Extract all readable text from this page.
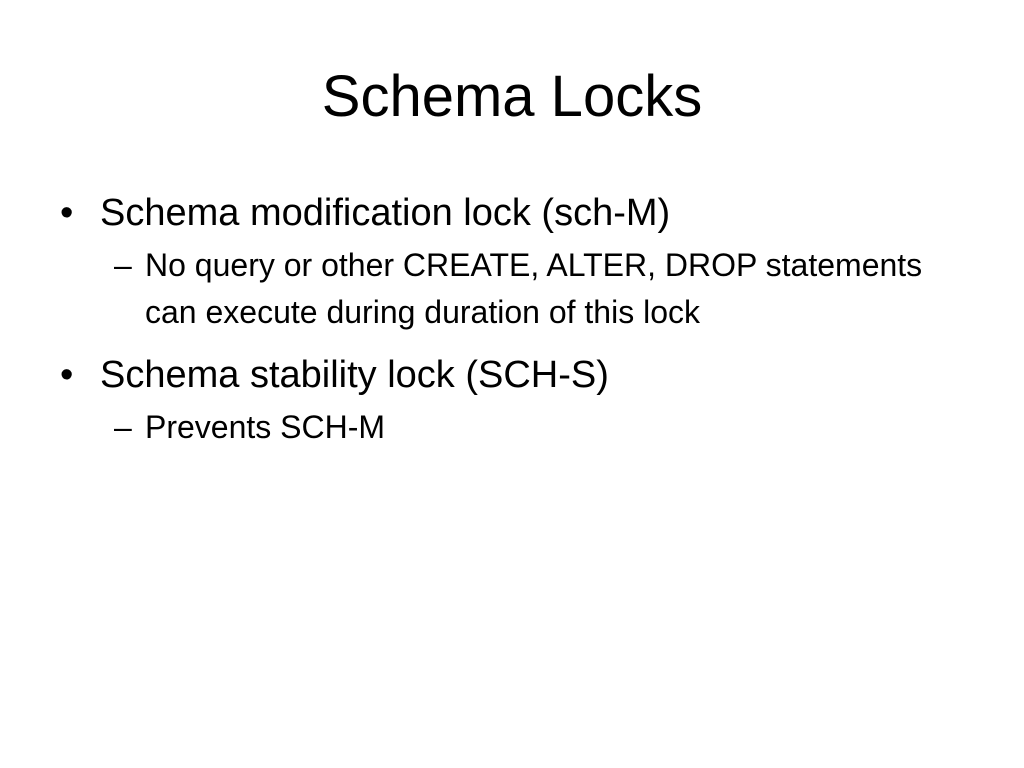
Schema Locks
• Schema modification lock (sch-M)
– No query or other CREATE, ALTER, DROP statements can execute during duration of this lock
• Schema stability lock (SCH-S)
– Prevents SCH-M
